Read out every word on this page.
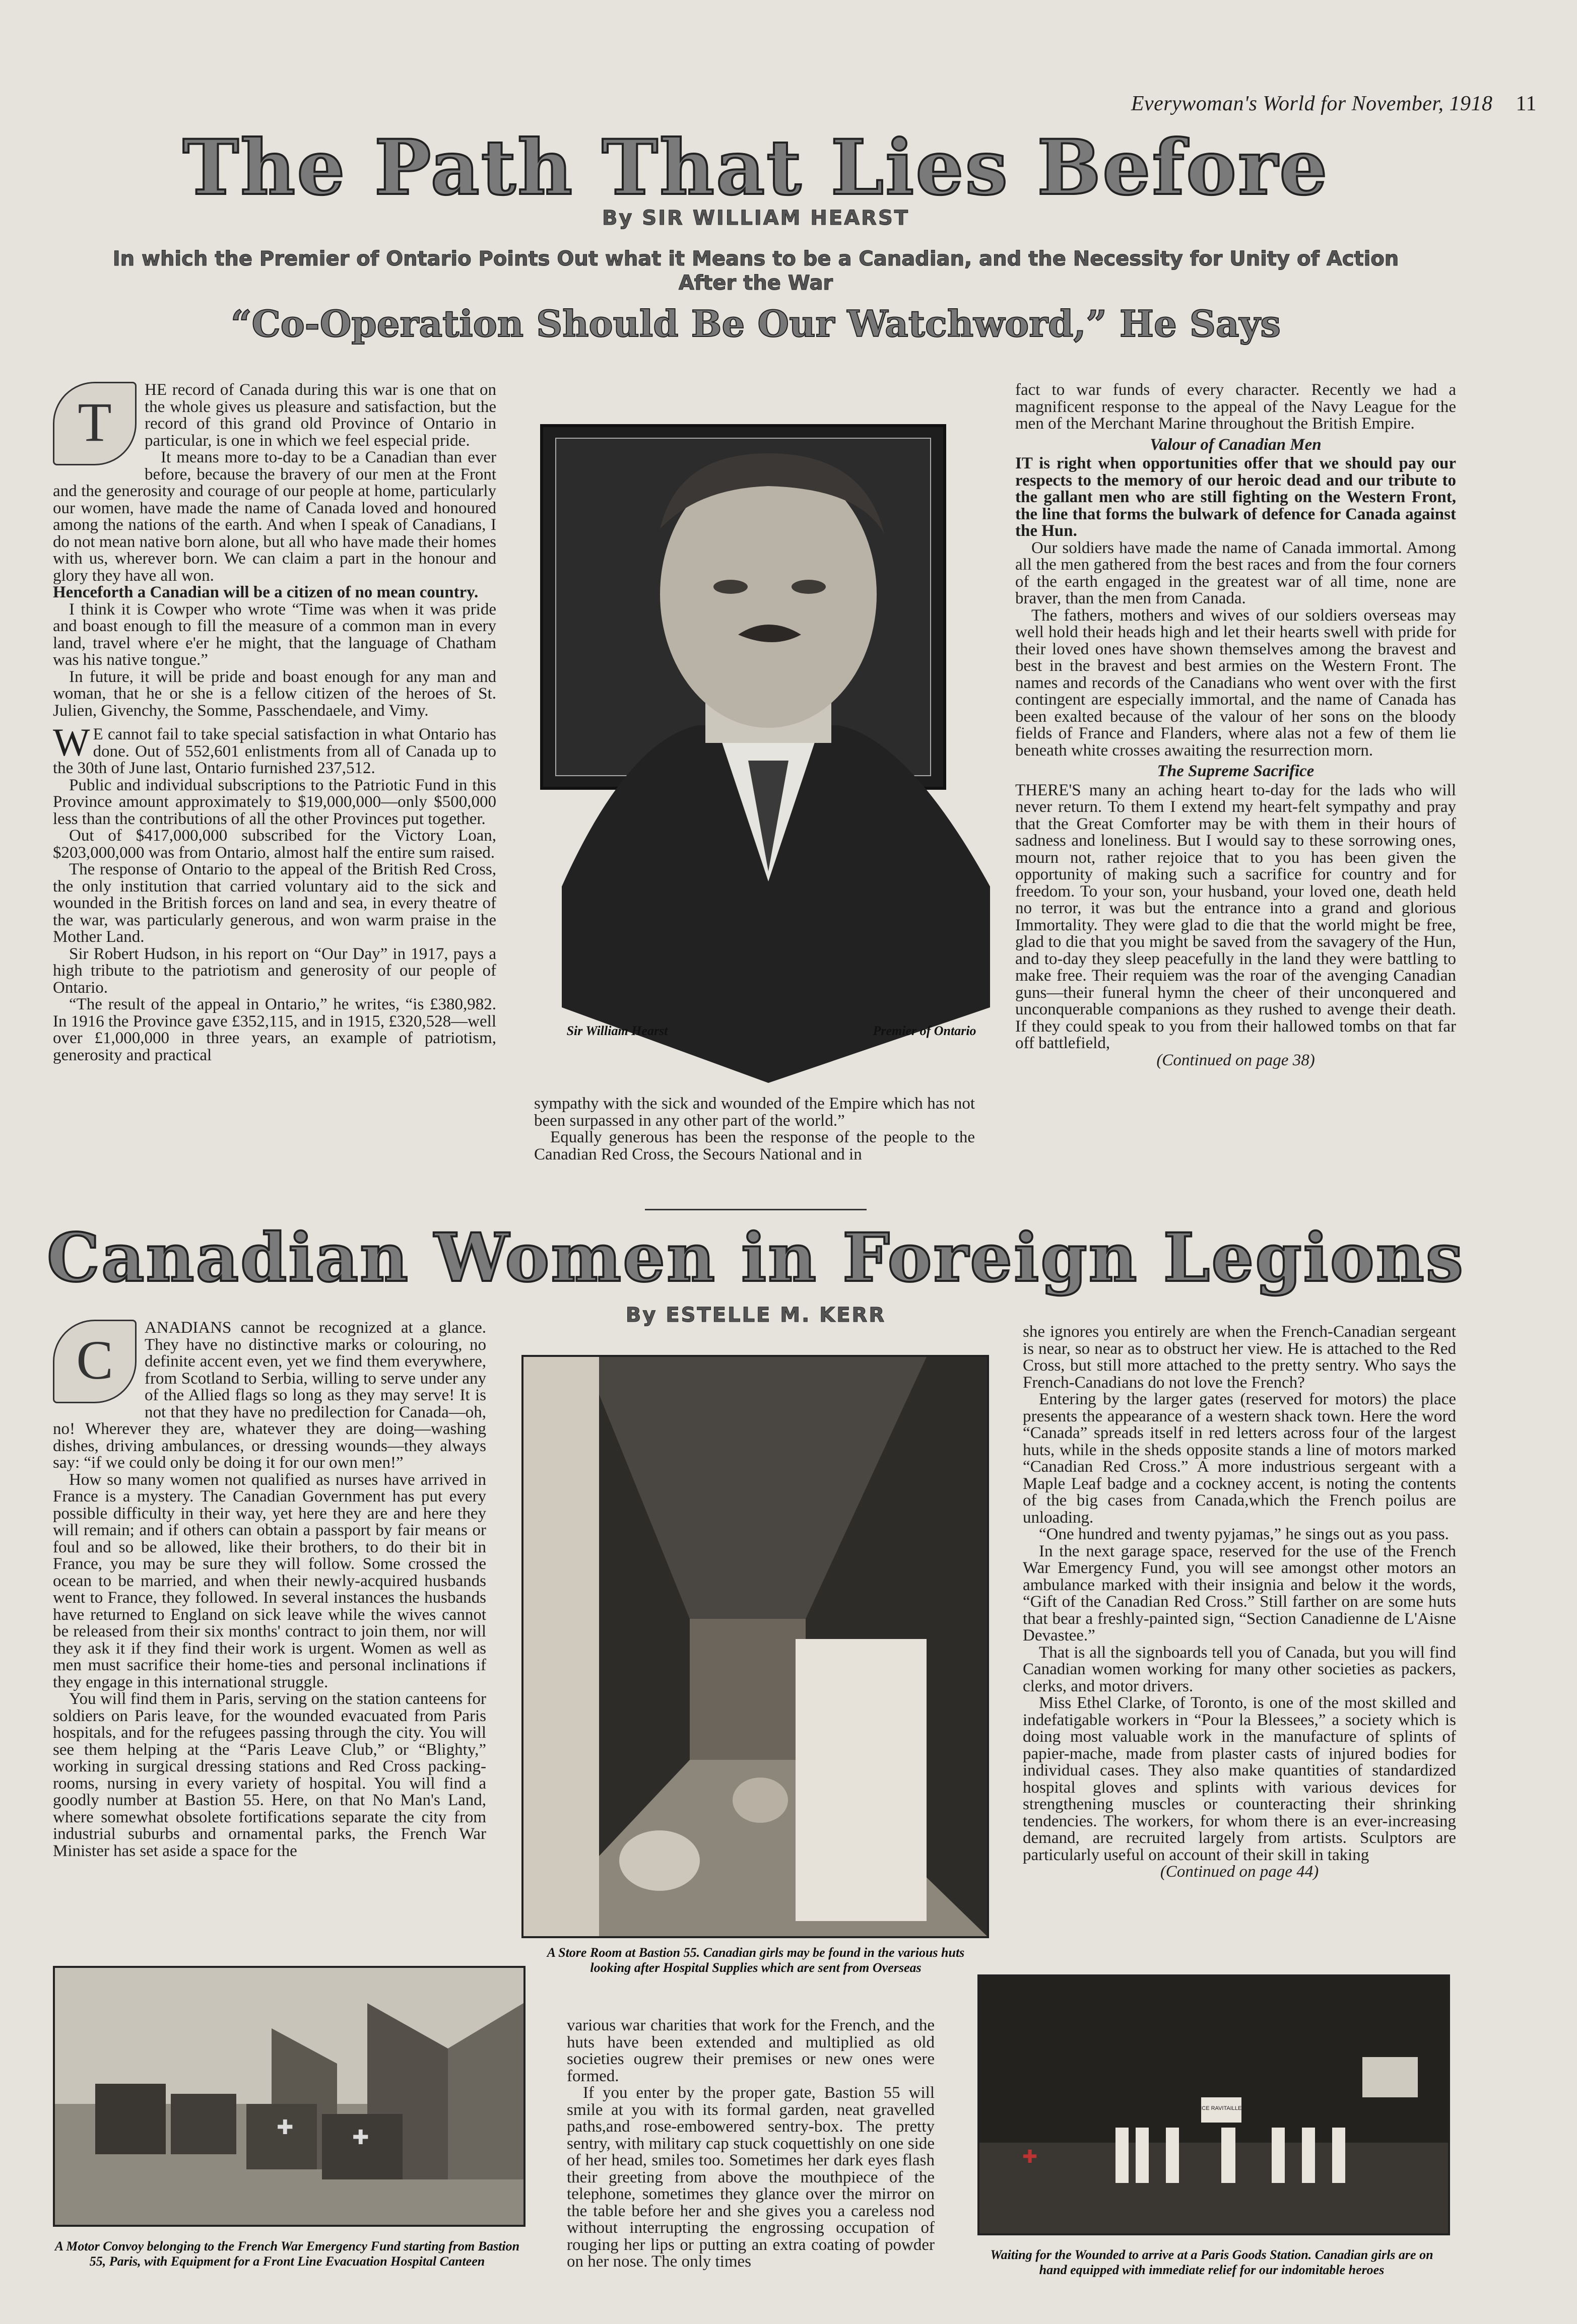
Everywoman's World for November, 1918 11
The Path That Lies Before
By SIR WILLIAM HEARST
In which the Premier of Ontario Points Out what it Means to be a Canadian, and the Necessity for Unity of Action After the War
“Co-Operation Should Be Our Watchword,” He Says
T

HE record of Canada during this war is one that on the whole gives us pleasure and satisfaction, but the record of this grand old Province of Ontario in particular, is one in which we feel especial pride.

It means more to-day to be a Canadian than ever before, because the bravery of our men at the Front and the generosity and courage of our people at home, particularly our women, have made the name of Canada loved and honoured among the nations of the earth. And when I speak of Canadians, I do not mean native born alone, but all who have made their homes with us, wherever born. We can claim a part in the honour and glory they have all won.

Henceforth a Canadian will be a citizen of no mean country.

I think it is Cowper who wrote “Time was when it was pride and boast enough to fill the measure of a common man in every land, travel where e'er he might, that the language of Chatham was his native tongue.”

In future, it will be pride and boast enough for any man and woman, that he or she is a fellow citizen of the heroes of St. Julien, Givenchy, the Somme, Passchendaele, and Vimy.

W E cannot fail to take special satisfaction in what Ontario has done. Out of 552,601 enlistments from all of Canada up to the 30th of June last, Ontario furnished 237,512.

Public and individual subscriptions to the Patriotic Fund in this Province amount approximately to $19,000,000—only $500,000 less than the contributions of all the other Provinces put together.

Out of $417,000,000 subscribed for the Victory Loan, $203,000,000 was from Ontario, almost half the entire sum raised.

The response of Ontario to the appeal of the British Red Cross, the only institution that carried voluntary aid to the sick and wounded in the British forces on land and sea, in every theatre of the war, was particularly generous, and won warm praise in the Mother Land.

Sir Robert Hudson, in his report on “Our Day” in 1917, pays a high tribute to the patriotism and generosity of our people of Ontario.

“The result of the appeal in Ontario,” he writes, “is £380,982. In 1916 the Province gave £352,115, and in 1915, £320,528—well over £1,000,000 in three years, an example of patriotism, generosity and practical

Sir William Hearst	Premier of Ontario

sympathy with the sick and wounded of the Empire which has not been surpassed in any other part of the world.”

Equally generous has been the response of the people to the Canadian Red Cross, the Secours National and in

fact to war funds of every character. Recently we had a magnificent response to the appeal of the Navy League for the men of the Merchant Marine throughout the British Empire.

Valour of Canadian Men

IT is right when opportunities offer that we should pay our respects to the memory of our heroic dead and our tribute to the gallant men who are still fighting on the Western Front, the line that forms the bulwark of defence for Canada against the Hun.

Our soldiers have made the name of Canada immortal. Among all the men gathered from the best races and from the four corners of the earth engaged in the greatest war of all time, none are braver, than the men from Canada.

The fathers, mothers and wives of our soldiers overseas may well hold their heads high and let their hearts swell with pride for their loved ones have shown themselves among the bravest and best in the bravest and best armies on the Western Front. The names and records of the Canadians who went over with the first contingent are especially immortal, and the name of Canada has been exalted because of the valour of her sons on the bloody fields of France and Flanders, where alas not a few of them lie beneath white crosses awaiting the resurrection morn.

The Supreme Sacrifice

THERE'S many an aching heart to-day for the lads who will never return. To them I extend my heart-felt sympathy and pray that the Great Comforter may be with them in their hours of sadness and loneliness. But I would say to these sorrowing ones, mourn not, rather rejoice that to you has been given the opportunity of making such a sacrifice for country and for freedom. To your son, your husband, your loved one, death held no terror, it was but the entrance into a grand and glorious Immortality. They were glad to die that the world might be free, glad to die that you might be saved from the savagery of the Hun, and to-day they sleep peacefully in the land they were battling to make free. Their requiem was the roar of the avenging Canadian guns—their funeral hymn the cheer of their unconquered and unconquerable companions as they rushed to avenge their death. If they could speak to you from their hallowed tombs on that far off battlefield,

(Continued on page 38)

Canadian Women in Foreign Legions
By ESTELLE M. KERR
C

ANADIANS cannot be recognized at a glance. They have no distinctive marks or colouring, no definite accent even, yet we find them everywhere, from Scotland to Serbia, willing to serve under any of the Allied flags so long as they may serve! It is not that they have no predilection for Canada—oh, no! Wherever they are, whatever they are doing—washing dishes, driving ambulances, or dressing wounds—they always say: “if we could only be doing it for our own men!”

How so many women not qualified as nurses have arrived in France is a mystery. The Canadian Government has put every possible difficulty in their way, yet here they are and here they will remain; and if others can obtain a passport by fair means or foul and so be allowed, like their brothers, to do their bit in France, you may be sure they will follow. Some crossed the ocean to be married, and when their newly-acquired husbands went to France, they followed. In several instances the husbands have returned to England on sick leave while the wives cannot be released from their six months' contract to join them, nor will they ask it if they find their work is urgent. Women as well as men must sacrifice their home-ties and personal inclinations if they engage in this international struggle.

You will find them in Paris, serving on the station canteens for soldiers on Paris leave, for the wounded evacuated from Paris hospitals, and for the refugees passing through the city. You will see them helping at the “Paris Leave Club,” or “Blighty,” working in surgical dressing stations and Red Cross packing-rooms, nursing in every variety of hospital. You will find a goodly number at Bastion 55. Here, on that No Man's Land, where somewhat obsolete fortifications separate the city from industrial suburbs and ornamental parks, the French War Minister has set aside a space for the

A Store Room at Bastion 55. Canadian girls may be found in the various huts looking after Hospital Supplies which are sent from Overseas

various war charities that work for the French, and the huts have been extended and multiplied as old societies ougrew their premises or new ones were formed.

If you enter by the proper gate, Bastion 55 will smile at you with its formal garden, neat gravelled paths,and rose-embowered sentry-box. The pretty sentry, with military cap stuck coquettishly on one side of her head, smiles too. Sometimes her dark eyes flash their greeting from above the mouthpiece of the telephone, sometimes they glance over the mirror on the table before her and she gives you a careless nod without interrupting the engrossing occupation of rouging her lips or putting an extra coating of powder on her nose. The only times

she ignores you entirely are when the French-Canadian sergeant is near, so near as to obstruct her view. He is attached to the Red Cross, but still more attached to the pretty sentry. Who says the French-Canadians do not love the French?

Entering by the larger gates (reserved for motors) the place presents the appearance of a western shack town. Here the word “Canada” spreads itself in red letters across four of the largest huts, while in the sheds opposite stands a line of motors marked “Canadian Red Cross.” A more industrious sergeant with a Maple Leaf badge and a cockney accent, is noting the contents of the big cases from Canada,which the French poilus are unloading.

“One hundred and twenty pyjamas,” he sings out as you pass.

In the next garage space, reserved for the use of the French War Emergency Fund, you will see amongst other motors an ambulance marked with their insignia and below it the words, “Gift of the Canadian Red Cross.” Still farther on are some huts that bear a freshly-painted sign, “Section Canadienne de L'Aisne Devastee.”

That is all the signboards tell you of Canada, but you will find Canadian women working for many other societies as packers, clerks, and motor drivers.

Miss Ethel Clarke, of Toronto, is one of the most skilled and indefatigable workers in “Pour la Blessees,” a society which is doing most valuable work in the manufacture of splints of papier-mache, made from plaster casts of injured bodies for individual cases. They also make quantities of standardized hospital gloves and splints with various devices for strengthening muscles or counteracting their shrinking tendencies. The workers, for whom there is an ever-increasing demand, are recruited largely from artists. Sculptors are particularly useful on account of their skill in taking

(Continued on page 44)

✚	✚
A Motor Convoy belonging to the French War Emergency Fund starting from Bastion 55, Paris, with Equipment for a Front Line Evacuation Hospital Canteen
SERVICE RAVITAILLEMENT
✚
Waiting for the Wounded to arrive at a Paris Goods Station. Canadian girls are on hand equipped with immediate relief for our indomitable heroes
